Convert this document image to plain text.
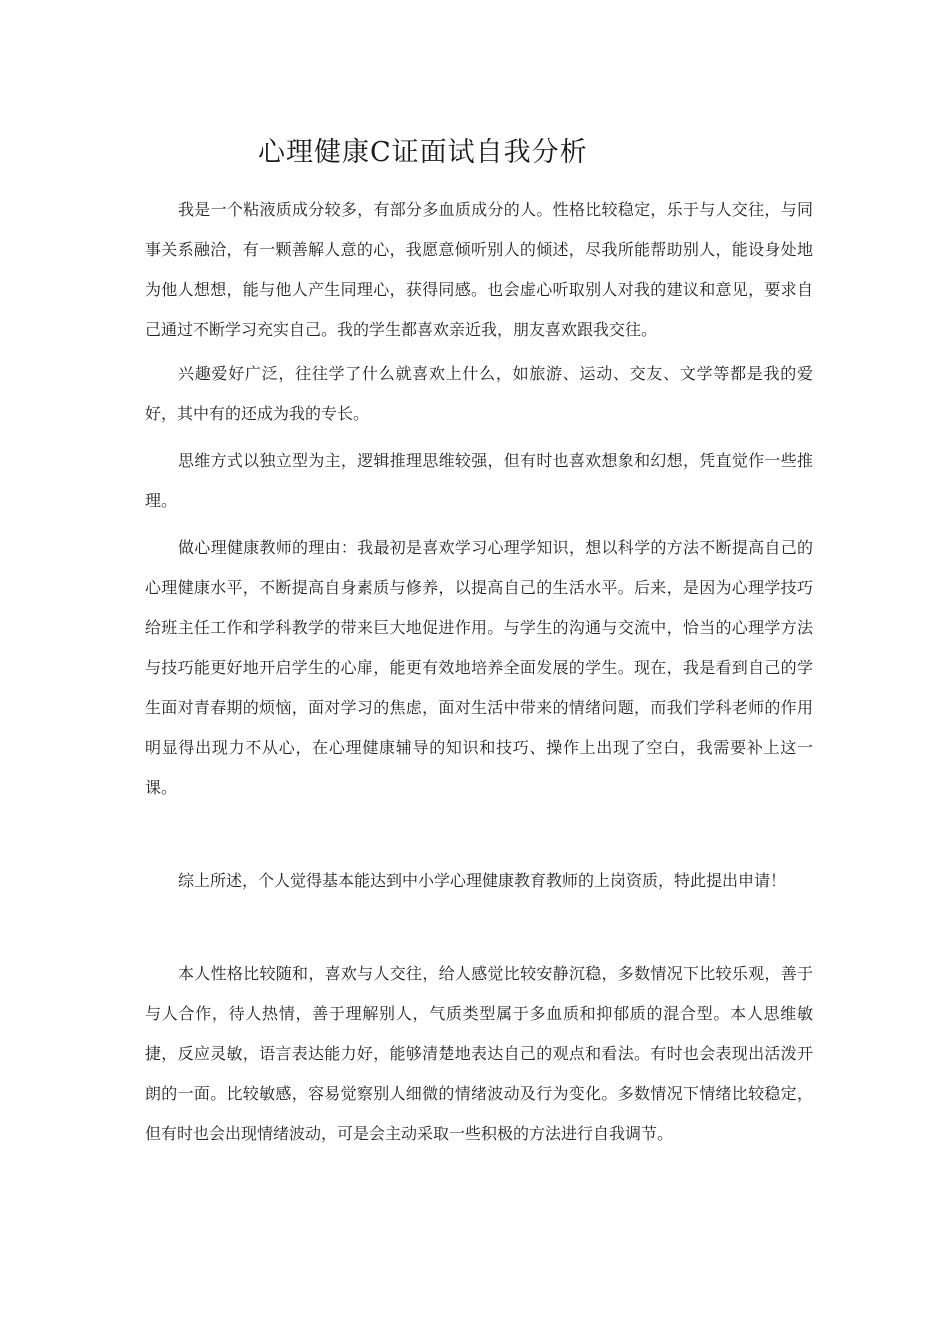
心理健康C证面试自我分析

我是一个粘液质成分较多，有部分多血质成分的人。性格比较稳定，乐于与人交往，与同事关系融洽，有一颗善解人意的心，我愿意倾听别人的倾述，尽我所能帮助别人，能设身处地为他人想想，能与他人产生同理心，获得同感。也会虚心听取别人对我的建议和意见，要求自己通过不断学习充实自己。我的学生都喜欢亲近我，朋友喜欢跟我交往。

兴趣爱好广泛，往往学了什么就喜欢上什么，如旅游、运动、交友、文学等都是我的爱好，其中有的还成为我的专长。

思维方式以独立型为主，逻辑推理思维较强，但有时也喜欢想象和幻想，凭直觉作一些推理。

做心理健康教师的理由：我最初是喜欢学习心理学知识，想以科学的方法不断提高自己的心理健康水平，不断提高自身素质与修养，以提高自己的生活水平。后来，是因为心理学技巧给班主任工作和学科教学的带来巨大地促进作用。与学生的沟通与交流中，恰当的心理学方法与技巧能更好地开启学生的心扉，能更有效地培养全面发展的学生。现在，我是看到自己的学生面对青春期的烦恼，面对学习的焦虑，面对生活中带来的情绪问题，而我们学科老师的作用明显得出现力不从心，在心理健康辅导的知识和技巧、操作上出现了空白，我需要补上这一课。

综上所述，个人觉得基本能达到中小学心理健康教育教师的上岗资质，特此提出申请！

本人性格比较随和，喜欢与人交往，给人感觉比较安静沉稳，多数情况下比较乐观，善于与人合作，待人热情，善于理解别人，气质类型属于多血质和抑郁质的混合型。本人思维敏捷，反应灵敏，语言表达能力好，能够清楚地表达自己的观点和看法。有时也会表现出活泼开朗的一面。比较敏感，容易觉察别人细微的情绪波动及行为变化。多数情况下情绪比较稳定，但有时也会出现情绪波动，可是会主动采取一些积极的方法进行自我调节。
